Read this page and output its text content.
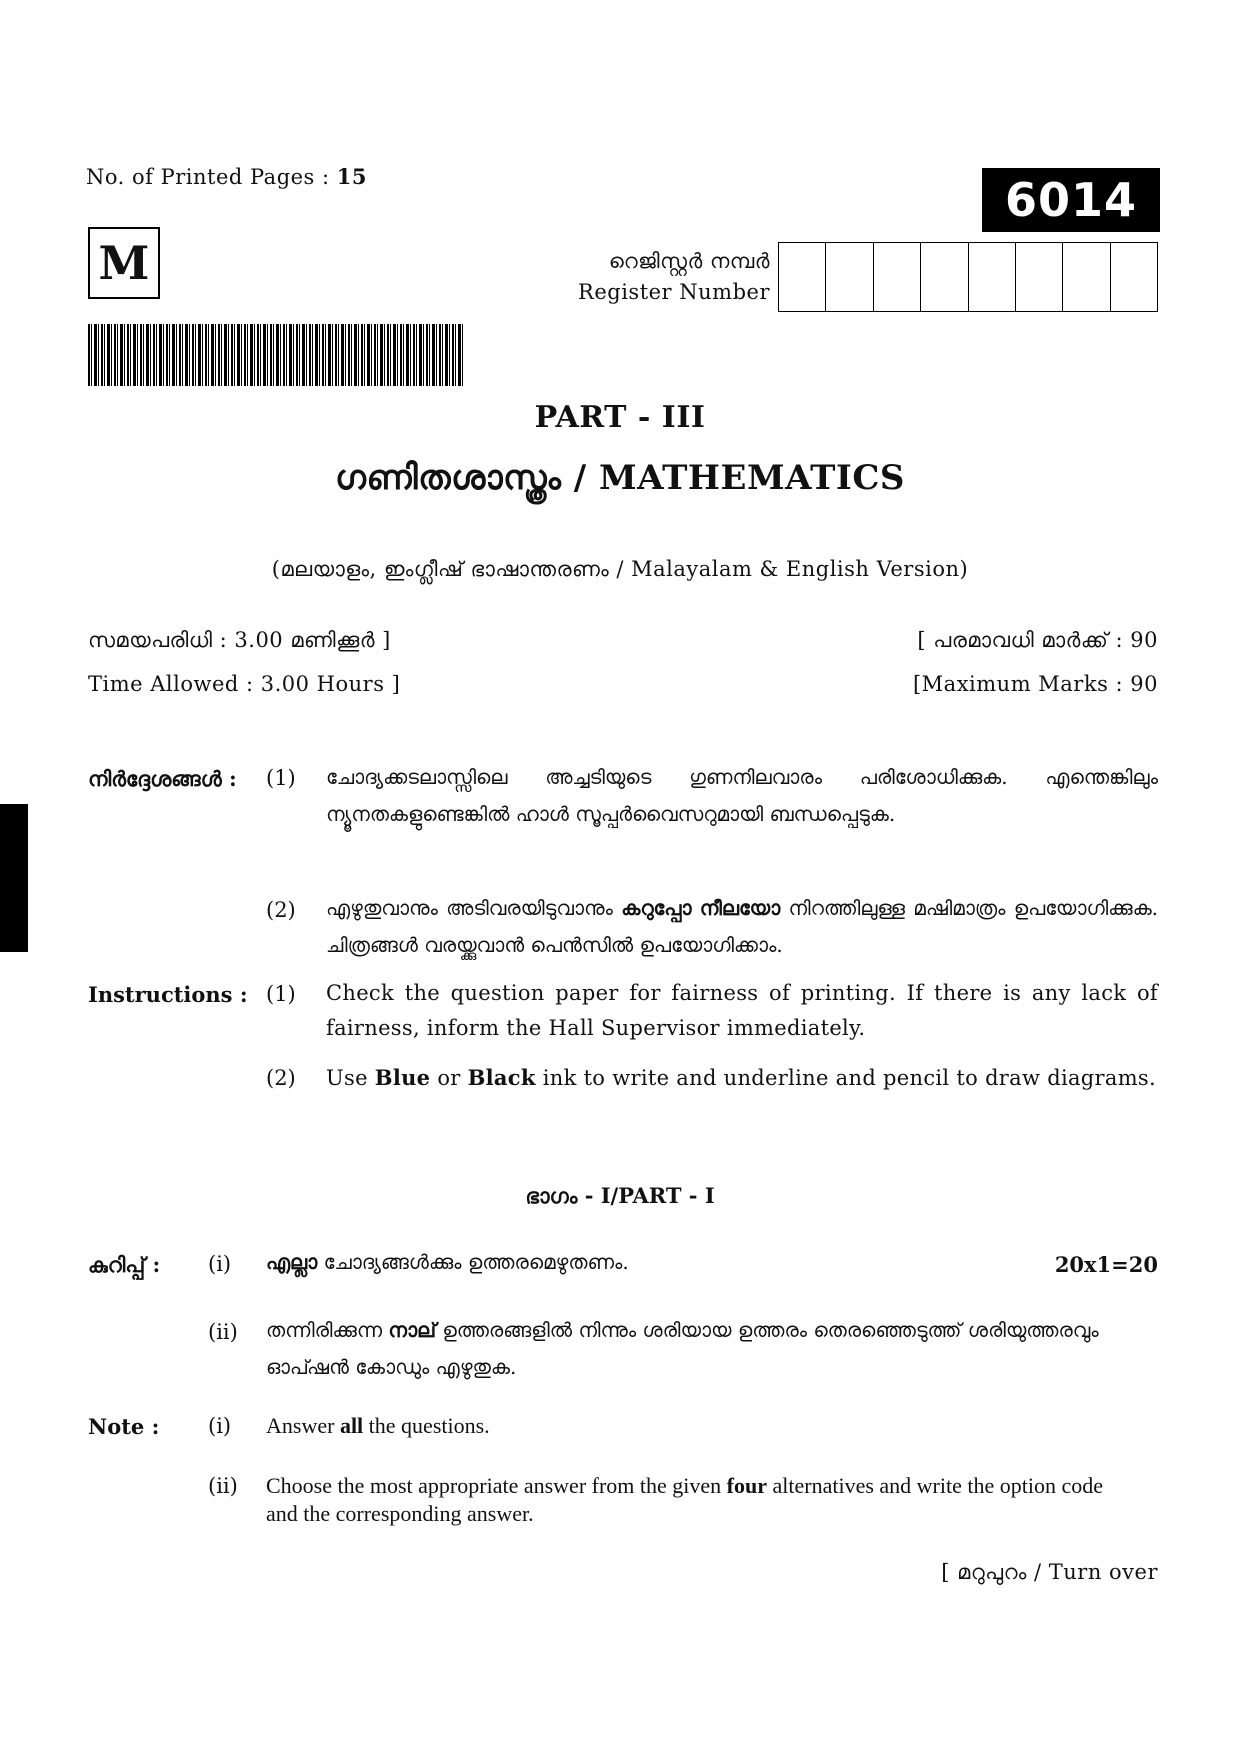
No. of Printed Pages : 15	6014
M	റെജിസ്റ്റർ നമ്പർ
Register Number
PART - III
ഗണിതശാസ്ത്രം / MATHEMATICS
(മലയാളം, ഇംഗ്ലീഷ് ഭാഷാന്തരണം / Malayalam & English Version)
സമയപരിധി : 3.00 മണിക്കൂർ ]	[ പരമാവധി മാർക്ക് : 90
Time Allowed : 3.00 Hours ]	[Maximum Marks : 90
നിർദ്ദേശങ്ങൾ : (1) ചോദ്യക്കടലാസ്സിലെ അച്ചടിയുടെ ഗുണനിലവാരം പരിശോധിക്കുക. എന്തെങ്കിലും ന്യൂനതകളുണ്ടെങ്കിൽ ഹാൾ സൂപ്പർവൈസറുമായി ബന്ധപ്പെടുക.
(2) എഴുതുവാനും അടിവരയിടുവാനും കറുപ്പോ നീലയോ നിറത്തിലുള്ള മഷിമാത്രം ഉപയോഗിക്കുക. ചിത്രങ്ങൾ വരയ്ക്കുവാൻ പെൻസിൽ ഉപയോഗിക്കാം.
Instructions : (1) Check the question paper for fairness of printing. If there is any lack of fairness, inform the Hall Supervisor immediately.
(2) Use Blue or Black ink to write and underline and pencil to draw diagrams.
ഭാഗം - I/PART - I
കുറിപ്പ് : (i) എല്ലാ ചോദ്യങ്ങൾക്കും ഉത്തരമെഴുതണം.	20x1=20
(ii) തന്നിരിക്കുന്ന നാല് ഉത്തരങ്ങളിൽ നിന്നും ശരിയായ ഉത്തരം തെരഞ്ഞെടുത്ത് ശരിയുത്തരവും ഓപ്ഷൻ കോഡും എഴുതുക.
Note : (i) Answer all the questions.
(ii) Choose the most appropriate answer from the given four alternatives and write the option code and the corresponding answer.
[ മറുപുറം / Turn over
